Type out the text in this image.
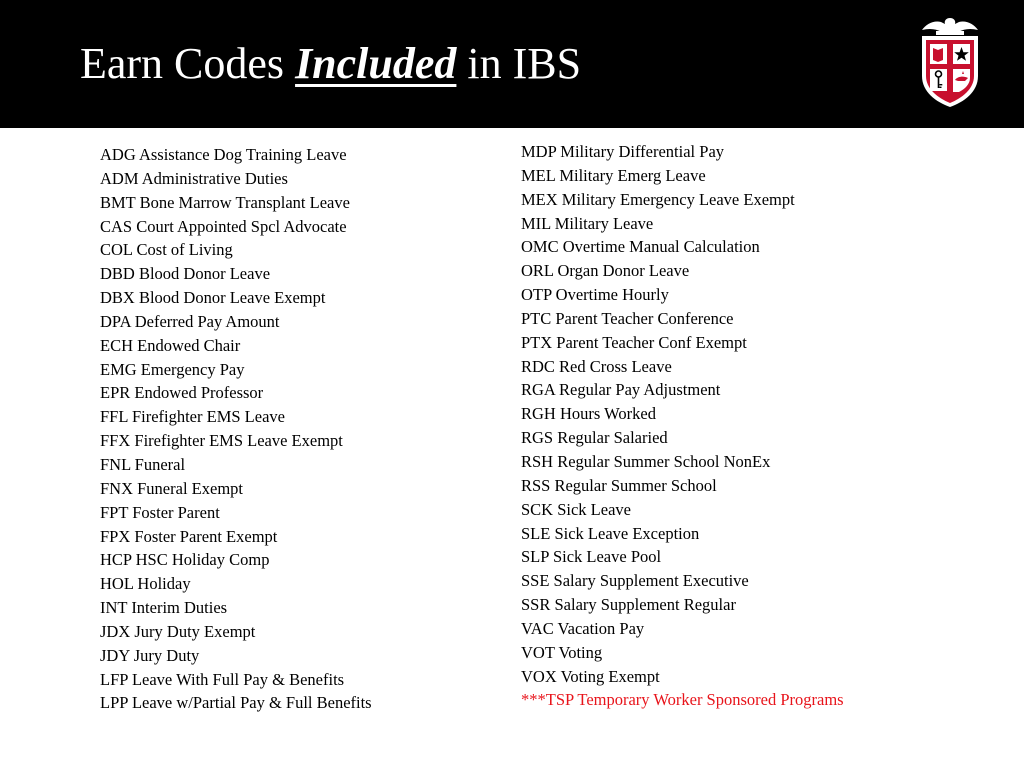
Earn Codes Included in IBS
ADG Assistance Dog Training Leave
ADM Administrative Duties
BMT Bone Marrow Transplant Leave
CAS Court Appointed Spcl Advocate
COL Cost of Living
DBD Blood Donor Leave
DBX Blood Donor Leave Exempt
DPA Deferred Pay Amount
ECH Endowed Chair
EMG Emergency Pay
EPR Endowed Professor
FFL Firefighter EMS Leave
FFX Firefighter EMS Leave Exempt
FNL Funeral
FNX Funeral Exempt
FPT Foster Parent
FPX Foster Parent Exempt
HCP HSC Holiday Comp
HOL Holiday
INT Interim Duties
JDX Jury Duty Exempt
JDY Jury Duty
LFP Leave With Full Pay & Benefits
LPP Leave w/Partial Pay & Full Benefits
MDP Military Differential Pay
MEL Military Emerg Leave
MEX Military Emergency Leave Exempt
MIL Military Leave
OMC Overtime Manual Calculation
ORL Organ Donor Leave
OTP Overtime Hourly
PTC Parent Teacher Conference
PTX Parent Teacher Conf Exempt
RDC Red Cross Leave
RGA Regular Pay Adjustment
RGH Hours Worked
RGS Regular Salaried
RSH Regular Summer School NonEx
RSS Regular Summer School
SCK Sick Leave
SLE Sick Leave Exception
SLP Sick Leave Pool
SSE Salary Supplement Executive
SSR Salary Supplement Regular
VAC Vacation Pay
VOT Voting
VOX Voting Exempt
***TSP Temporary Worker Sponsored Programs
